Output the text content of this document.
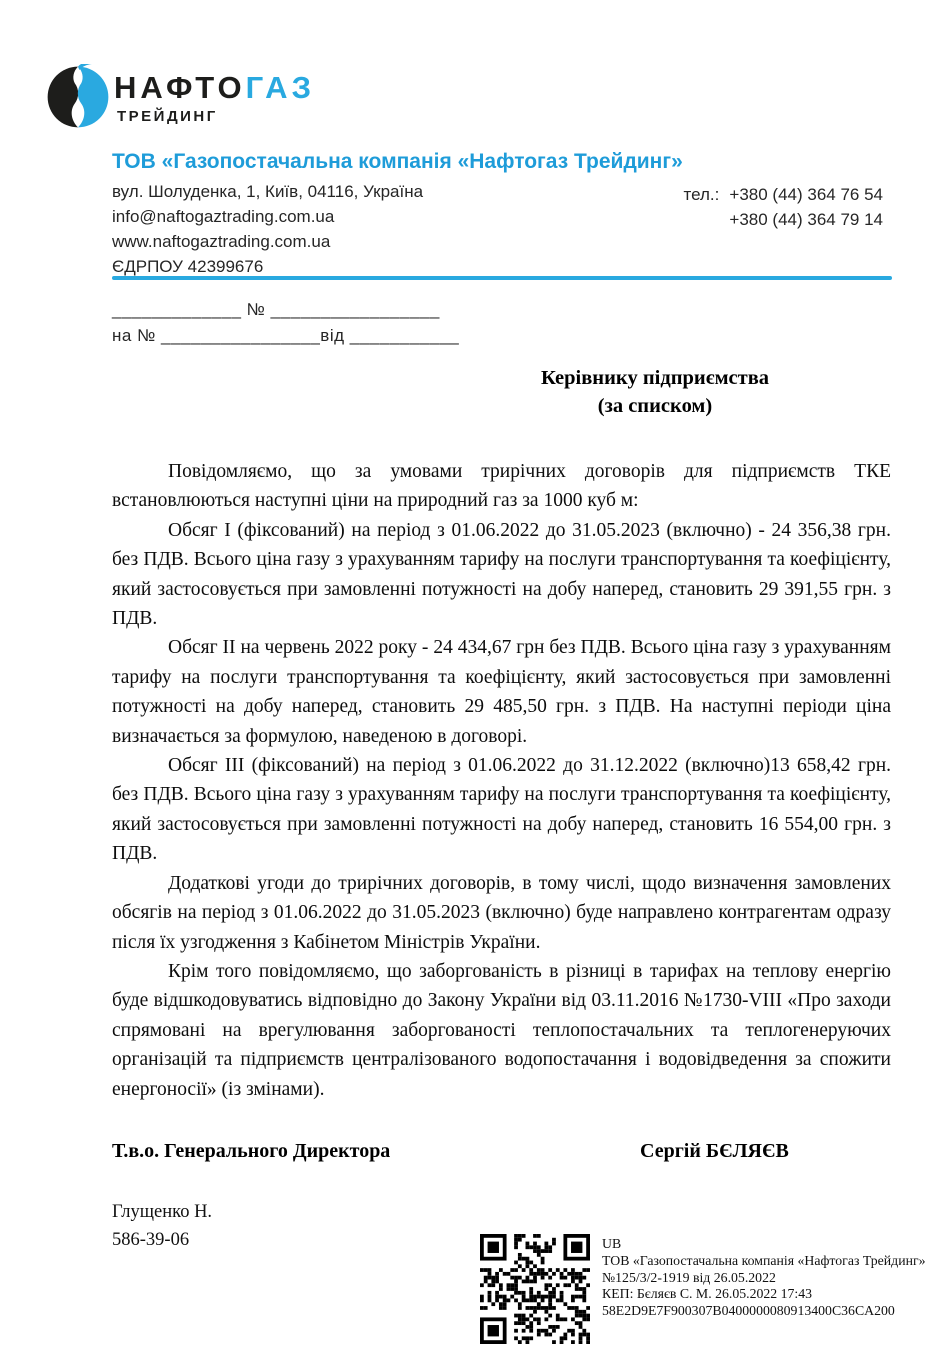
НАФТОГАЗ
ТРЕЙДИНГ
ТОВ «Газопостачальна компанія «Нафтогаз Трейдинг»
вул. Шолуденка, 1, Київ, 04116, Україна
info@naftogaztrading.com.ua
www.naftogaztrading.com.ua
ЄДРПОУ 42399676
тел.: +380 (44) 364 76 54
+380 (44) 364 79 14
_____________ № _________________
на № ________________від ___________
Керівнику підприємства
(за списком)

Повідомляємо, що за умовами трирічних договорів для підприємств ТКЕ встановлюються наступні ціни на природний газ за 1000 куб м:

Обсяг І (фіксований) на період з 01.06.2022 до 31.05.2023 (включно) - 24 356,38 грн. без ПДВ. Всього ціна газу з урахуванням тарифу на послуги транспортування та коефіцієнту, який застосовується при замовленні потужності на добу наперед, становить 29 391,55 грн. з ПДВ.

Обсяг ІІ на червень 2022 року - 24 434,67 грн без ПДВ. Всього ціна газу з урахуванням тарифу на послуги транспортування та коефіцієнту, який застосовується при замовленні потужності на добу наперед, становить 29 485,50 грн. з ПДВ. На наступні періоди ціна визначається за формулою, наведеною в договорі.

Обсяг ІІІ (фіксований) на період з 01.06.2022 до 31.12.2022 (включно)13 658,42 грн. без ПДВ. Всього ціна газу з урахуванням тарифу на послуги транспортування та коефіцієнту, який застосовується при замовленні потужності на добу наперед, становить 16 554,00 грн. з ПДВ.

Додаткові угоди до трирічних договорів, в тому числі, щодо визначення замовлених обсягів на період з 01.06.2022 до 31.05.2023 (включно) буде направлено контрагентам одразу після їх узгодження з Кабінетом Міністрів України.

Крім того повідомляємо, що заборгованість в різниці в тарифах на теплову енергію буде відшкодовуватись відповідно до Закону України від 03.11.2016 №1730-VIII «Про заходи спрямовані на врегулювання заборгованості теплопостачальних та теплогенеруючих організацій та підприємств централізованого водопостачання і водовідведення за спожити енергоносії» (із змінами).

Т.в.о. Генерального Директора	Сергій БЄЛЯЄВ
Глущенко Н.
586-39-06	UB
ТОВ «Газопостачальна компанія «Нафтогаз Трейдинг»
№125/3/2-1919 від 26.05.2022
КЕП: Бєляєв С. М. 26.05.2022 17:43
58E2D9E7F900307B0400000080913400C36CA200
